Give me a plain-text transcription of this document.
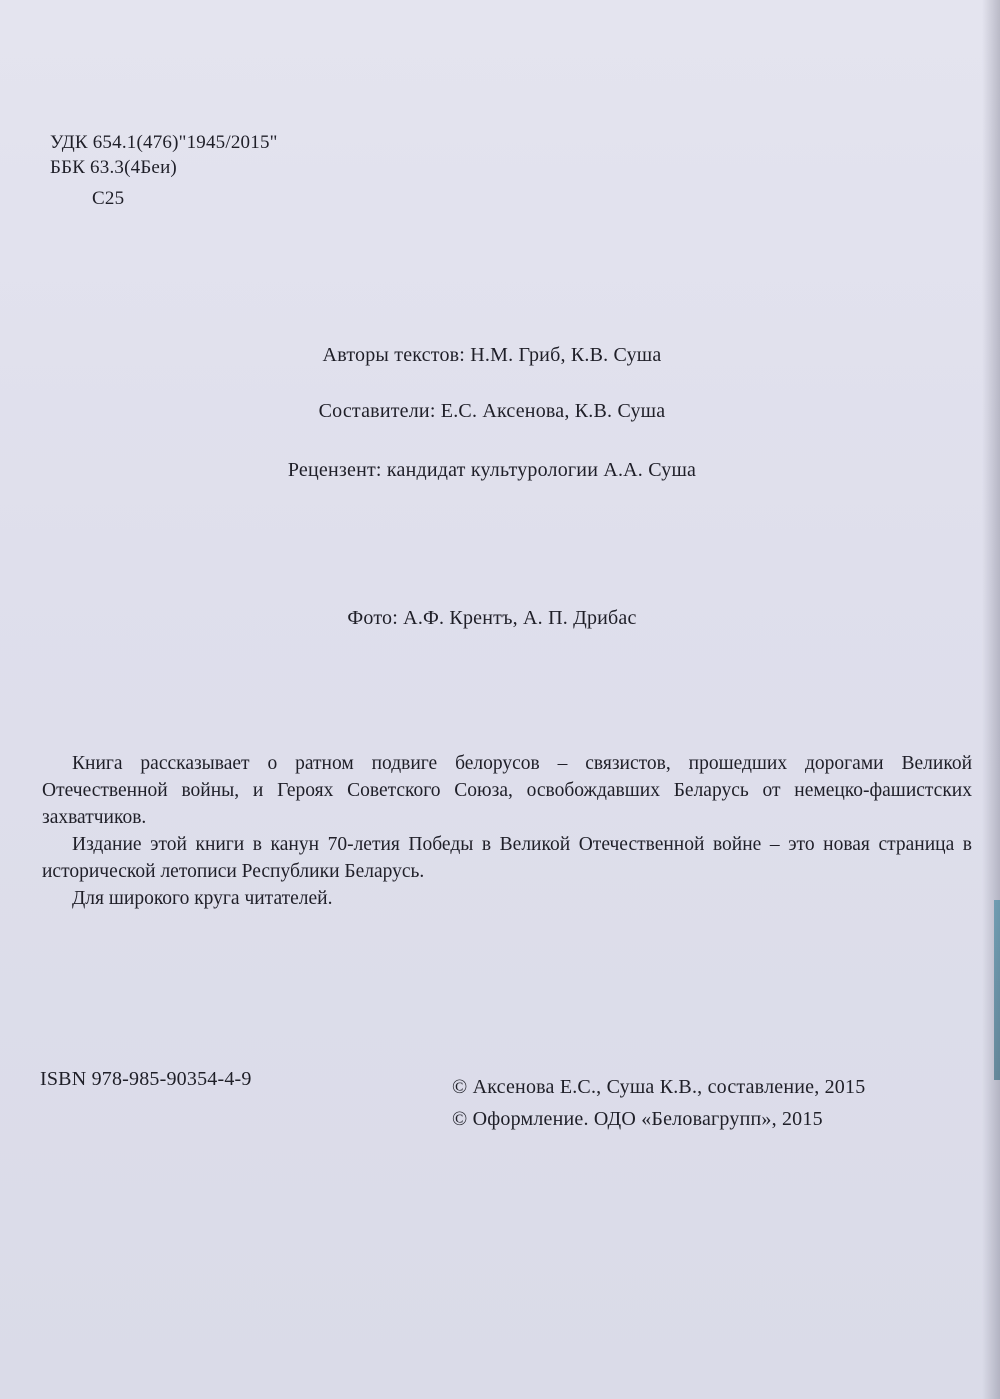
УДК 654.1(476)"1945/2015"
ББК 63.3(4Беи)
С25
Авторы текстов: Н.М. Гриб, К.В. Суша
Составители: Е.С. Аксенова, К.В. Суша
Рецензент: кандидат культурологии А.А. Суша
Фото: А.Ф. Крентъ, А. П. Дрибас

Книга рассказывает о ратном подвиге белорусов – связистов, прошедших дорогами Великой Отечественной войны, и Героях Советского Союза, освобождавших Беларусь от немецко-фашистских захватчиков.

Издание этой книги в канун 70-летия Победы в Великой Отечественной войне – это новая страница в исторической летописи Республики Беларусь.

Для широкого круга читателей.

ISBN 978-985-90354-4-9	© Аксенова Е.С., Суша К.В., составление, 2015
© Оформление. ОДО «Беловагрупп», 2015
